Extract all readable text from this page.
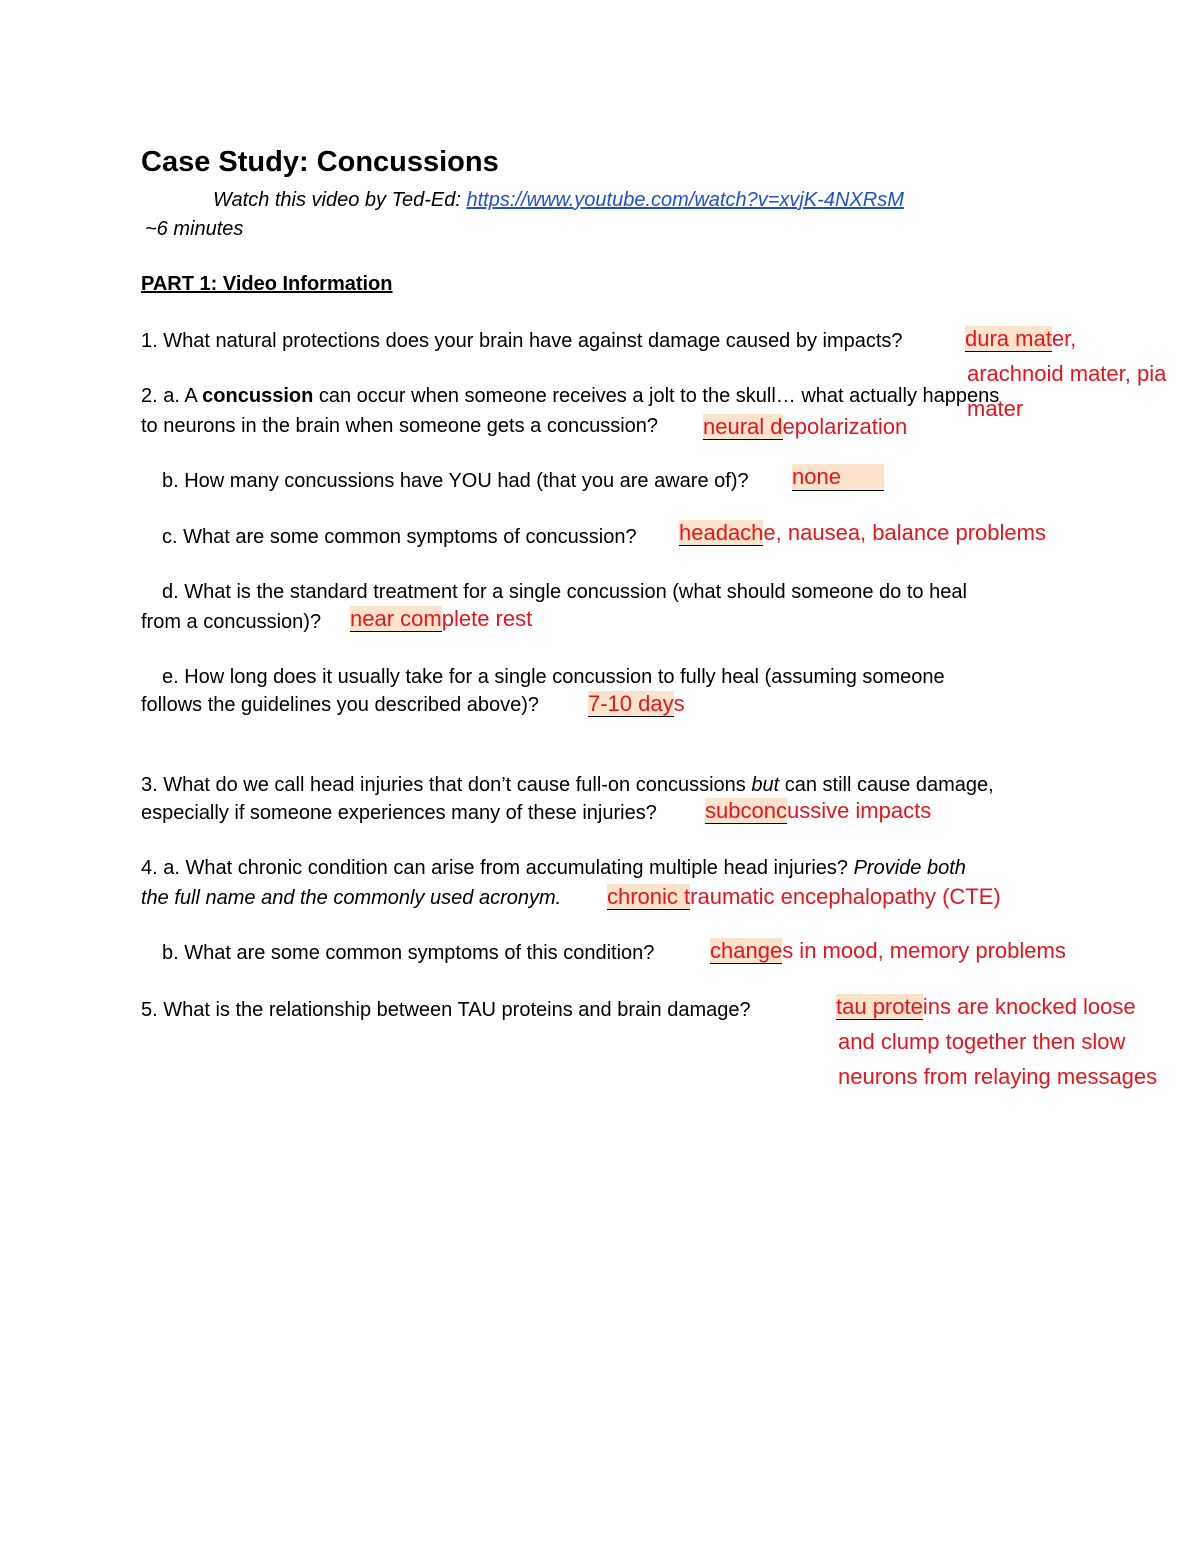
Case Study: Concussions
Watch this video by Ted-Ed: https://www.youtube.com/watch?v=xvjK-4NXRsM
~6 minutes
PART 1: Video Information
1. What natural protections does your brain have against damage caused by impacts?	dura mater,
arachnoid mater, pia
mater
2. a. A concussion can occur when someone receives a jolt to the skull… what actually happens
to neurons in the brain when someone gets a concussion? neural depolarization
b. How many concussions have YOU had (that you are aware of)? none
c. What are some common symptoms of concussion? headache, nausea, balance problems
d. What is the standard treatment for a single concussion (what should someone do to heal
from a concussion)? near complete rest
e. How long does it usually take for a single concussion to fully heal (assuming someone
follows the guidelines you described above)? 7-10 days
3. What do we call head injuries that don’t cause full-on concussions but can still cause damage,
especially if someone experiences many of these injuries? subconcussive impacts
4. a. What chronic condition can arise from accumulating multiple head injuries? Provide both
the full name and the commonly used acronym. chronic traumatic encephalopathy (CTE)
b. What are some common symptoms of this condition?	changes in mood, memory problems
5. What is the relationship between TAU proteins and brain damage?	tau proteins are knocked loose
and clump together then slow
neurons from relaying messages
